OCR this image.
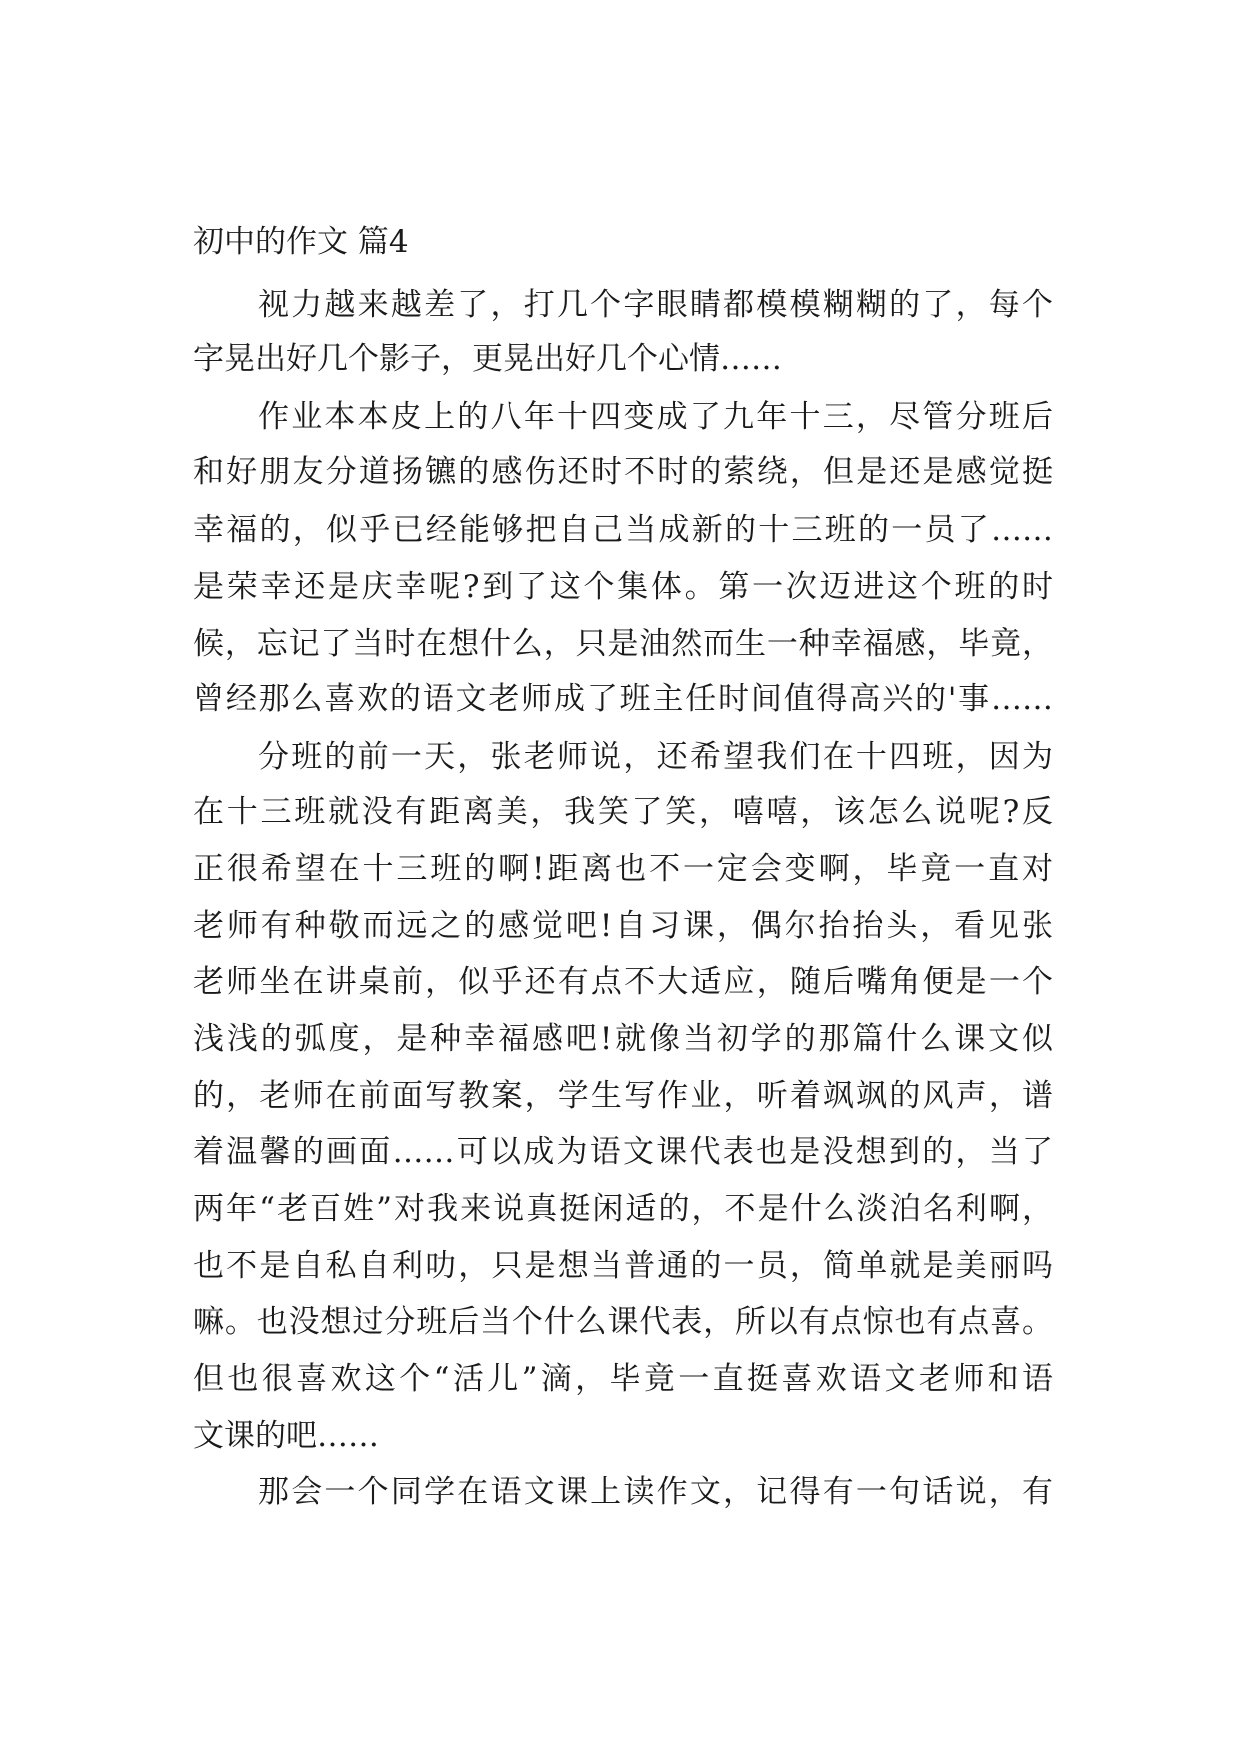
初中的作文 篇4

视力越来越差了，打几个字眼睛都模模糊糊的了，每个

字晃出好几个影子，更晃出好几个心情……

作业本本皮上的八年十四变成了九年十三，尽管分班后

和好朋友分道扬镳的感伤还时不时的萦绕，但是还是感觉挺

幸福的，似乎已经能够把自己当成新的十三班的一员了……

是荣幸还是庆幸呢?到了这个集体。第一次迈进这个班的时

候，忘记了当时在想什么，只是油然而生一种幸福感，毕竟，

曾经那么喜欢的语文老师成了班主任时间值得高兴的'事……

分班的前一天，张老师说，还希望我们在十四班，因为

在十三班就没有距离美，我笑了笑，嘻嘻，该怎么说呢?反

正很希望在十三班的啊!距离也不一定会变啊，毕竟一直对

老师有种敬而远之的感觉吧!自习课，偶尔抬抬头，看见张

老师坐在讲桌前，似乎还有点不大适应，随后嘴角便是一个

浅浅的弧度，是种幸福感吧!就像当初学的那篇什么课文似

的，老师在前面写教案，学生写作业，听着飒飒的风声，谱

着温馨的画面……可以成为语文课代表也是没想到的，当了

两年“老百姓”对我来说真挺闲适的，不是什么淡泊名利啊，

也不是自私自利叻，只是想当普通的一员，简单就是美丽吗

嘛。也没想过分班后当个什么课代表，所以有点惊也有点喜。

但也很喜欢这个“活儿”滴，毕竟一直挺喜欢语文老师和语

文课的吧……

那会一个同学在语文课上读作文，记得有一句话说，有
